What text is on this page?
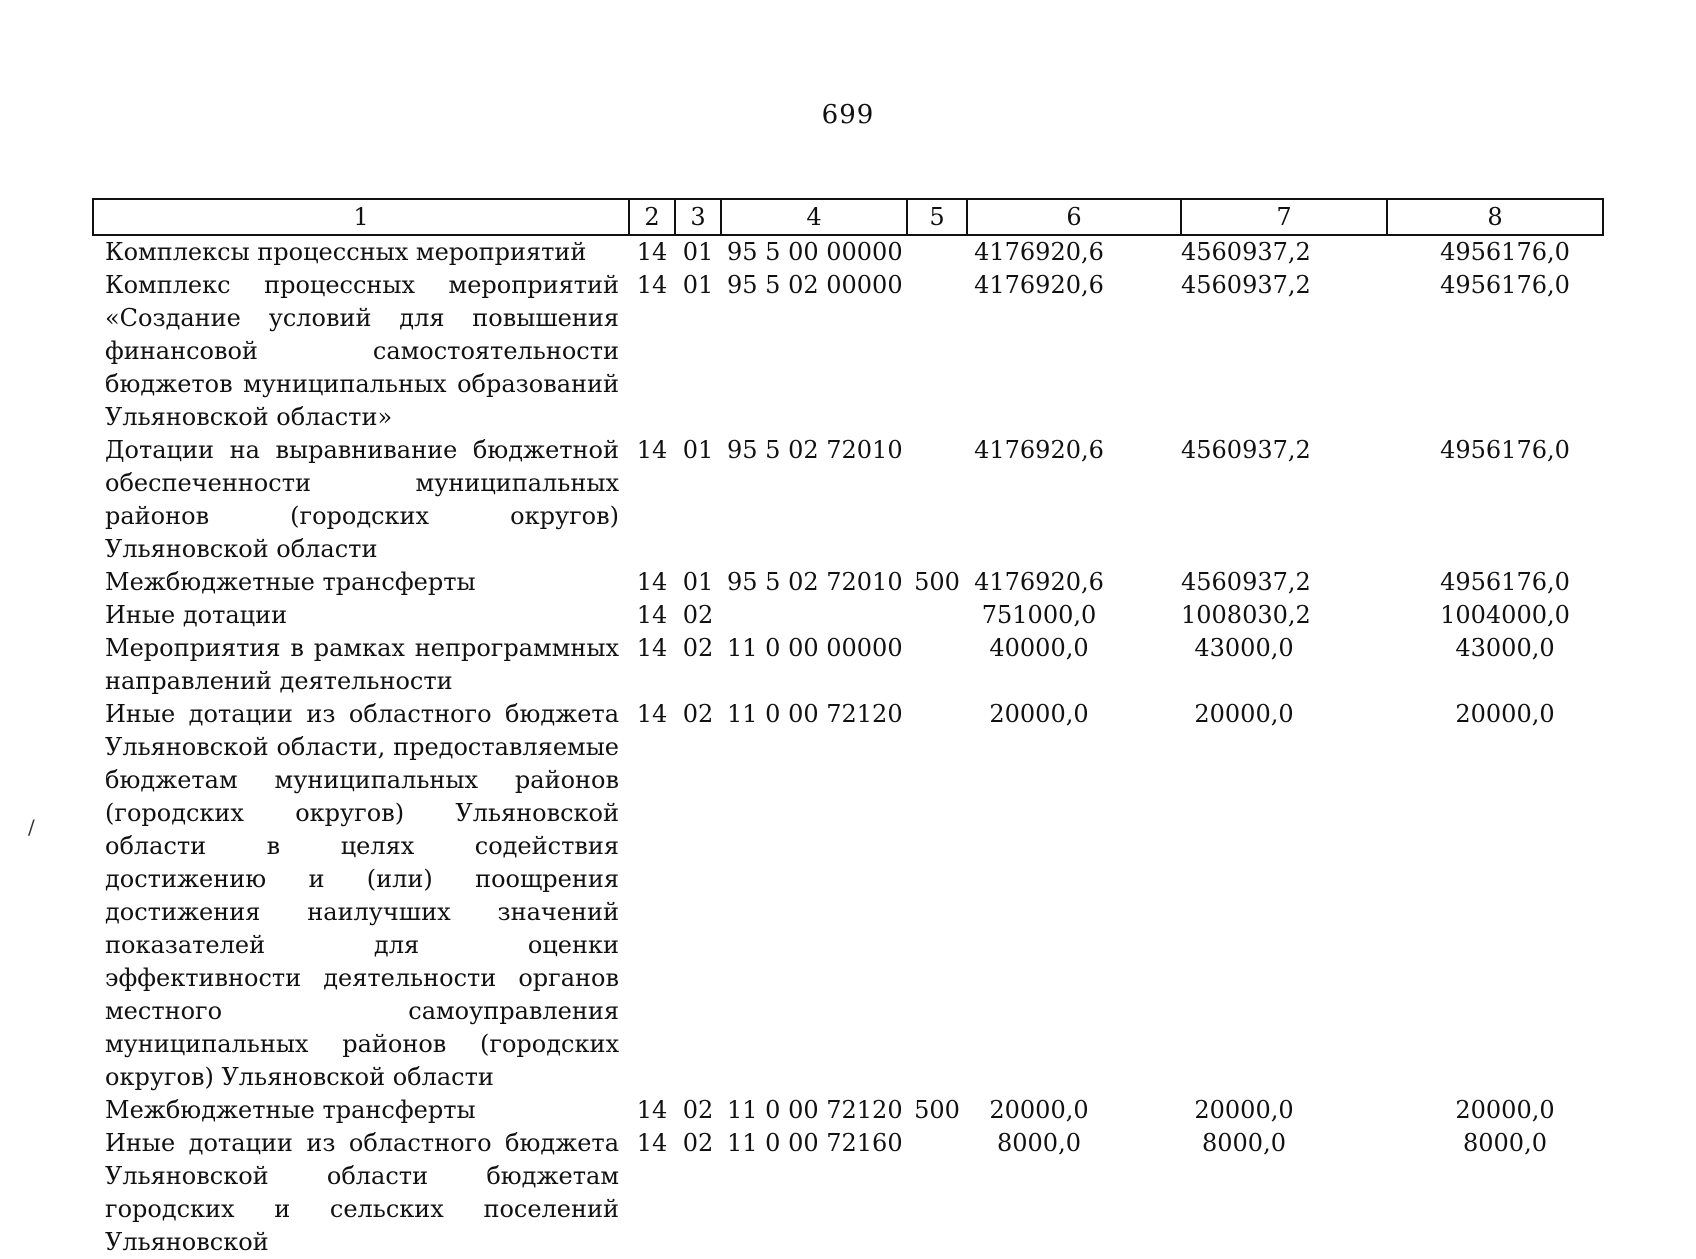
699
1	2	3	4	5	6	7	8
Комплексы процессных мероприятий	14	01	95 5 00 00000		4176920,6	4560937,2	4956176,0
Комплекс процессных мероприятий «Создание условий для повышения финансовой самостоятельности бюджетов муниципальных образований Ульяновской области»	14	01	95 5 02 00000		4176920,6	4560937,2	4956176,0
Дотации на выравнивание бюджетной обеспеченности муниципальных районов (городских округов) Ульяновской области	14	01	95 5 02 72010		4176920,6	4560937,2	4956176,0
Межбюджетные трансферты	14	01	95 5 02 72010	500	4176920,6	4560937,2	4956176,0
Иные дотации	14	02			751000,0	1008030,2	1004000,0
Мероприятия в рамках непрограммных направлений деятельности	14	02	11 0 00 00000		40000,0	43000,0	43000,0
Иные дотации из областного бюджета Ульяновской области, предоставляемые бюджетам муниципальных районов (городских округов) Ульяновской области в целях содействия достижению и (или) поощрения достижения наилучших значений показателей для оценки эффективности деятельности органов местного самоуправления муниципальных районов (городских округов) Ульяновской области	14	02	11 0 00 72120		20000,0	20000,0	20000,0
Межбюджетные трансферты	14	02	11 0 00 72120	500	20000,0	20000,0	20000,0
Иные дотации из областного бюджета Ульяновской области бюджетам городских и сельских поселений Ульяновской	14	02	11 0 00 72160		8000,0	8000,0	8000,0
/
